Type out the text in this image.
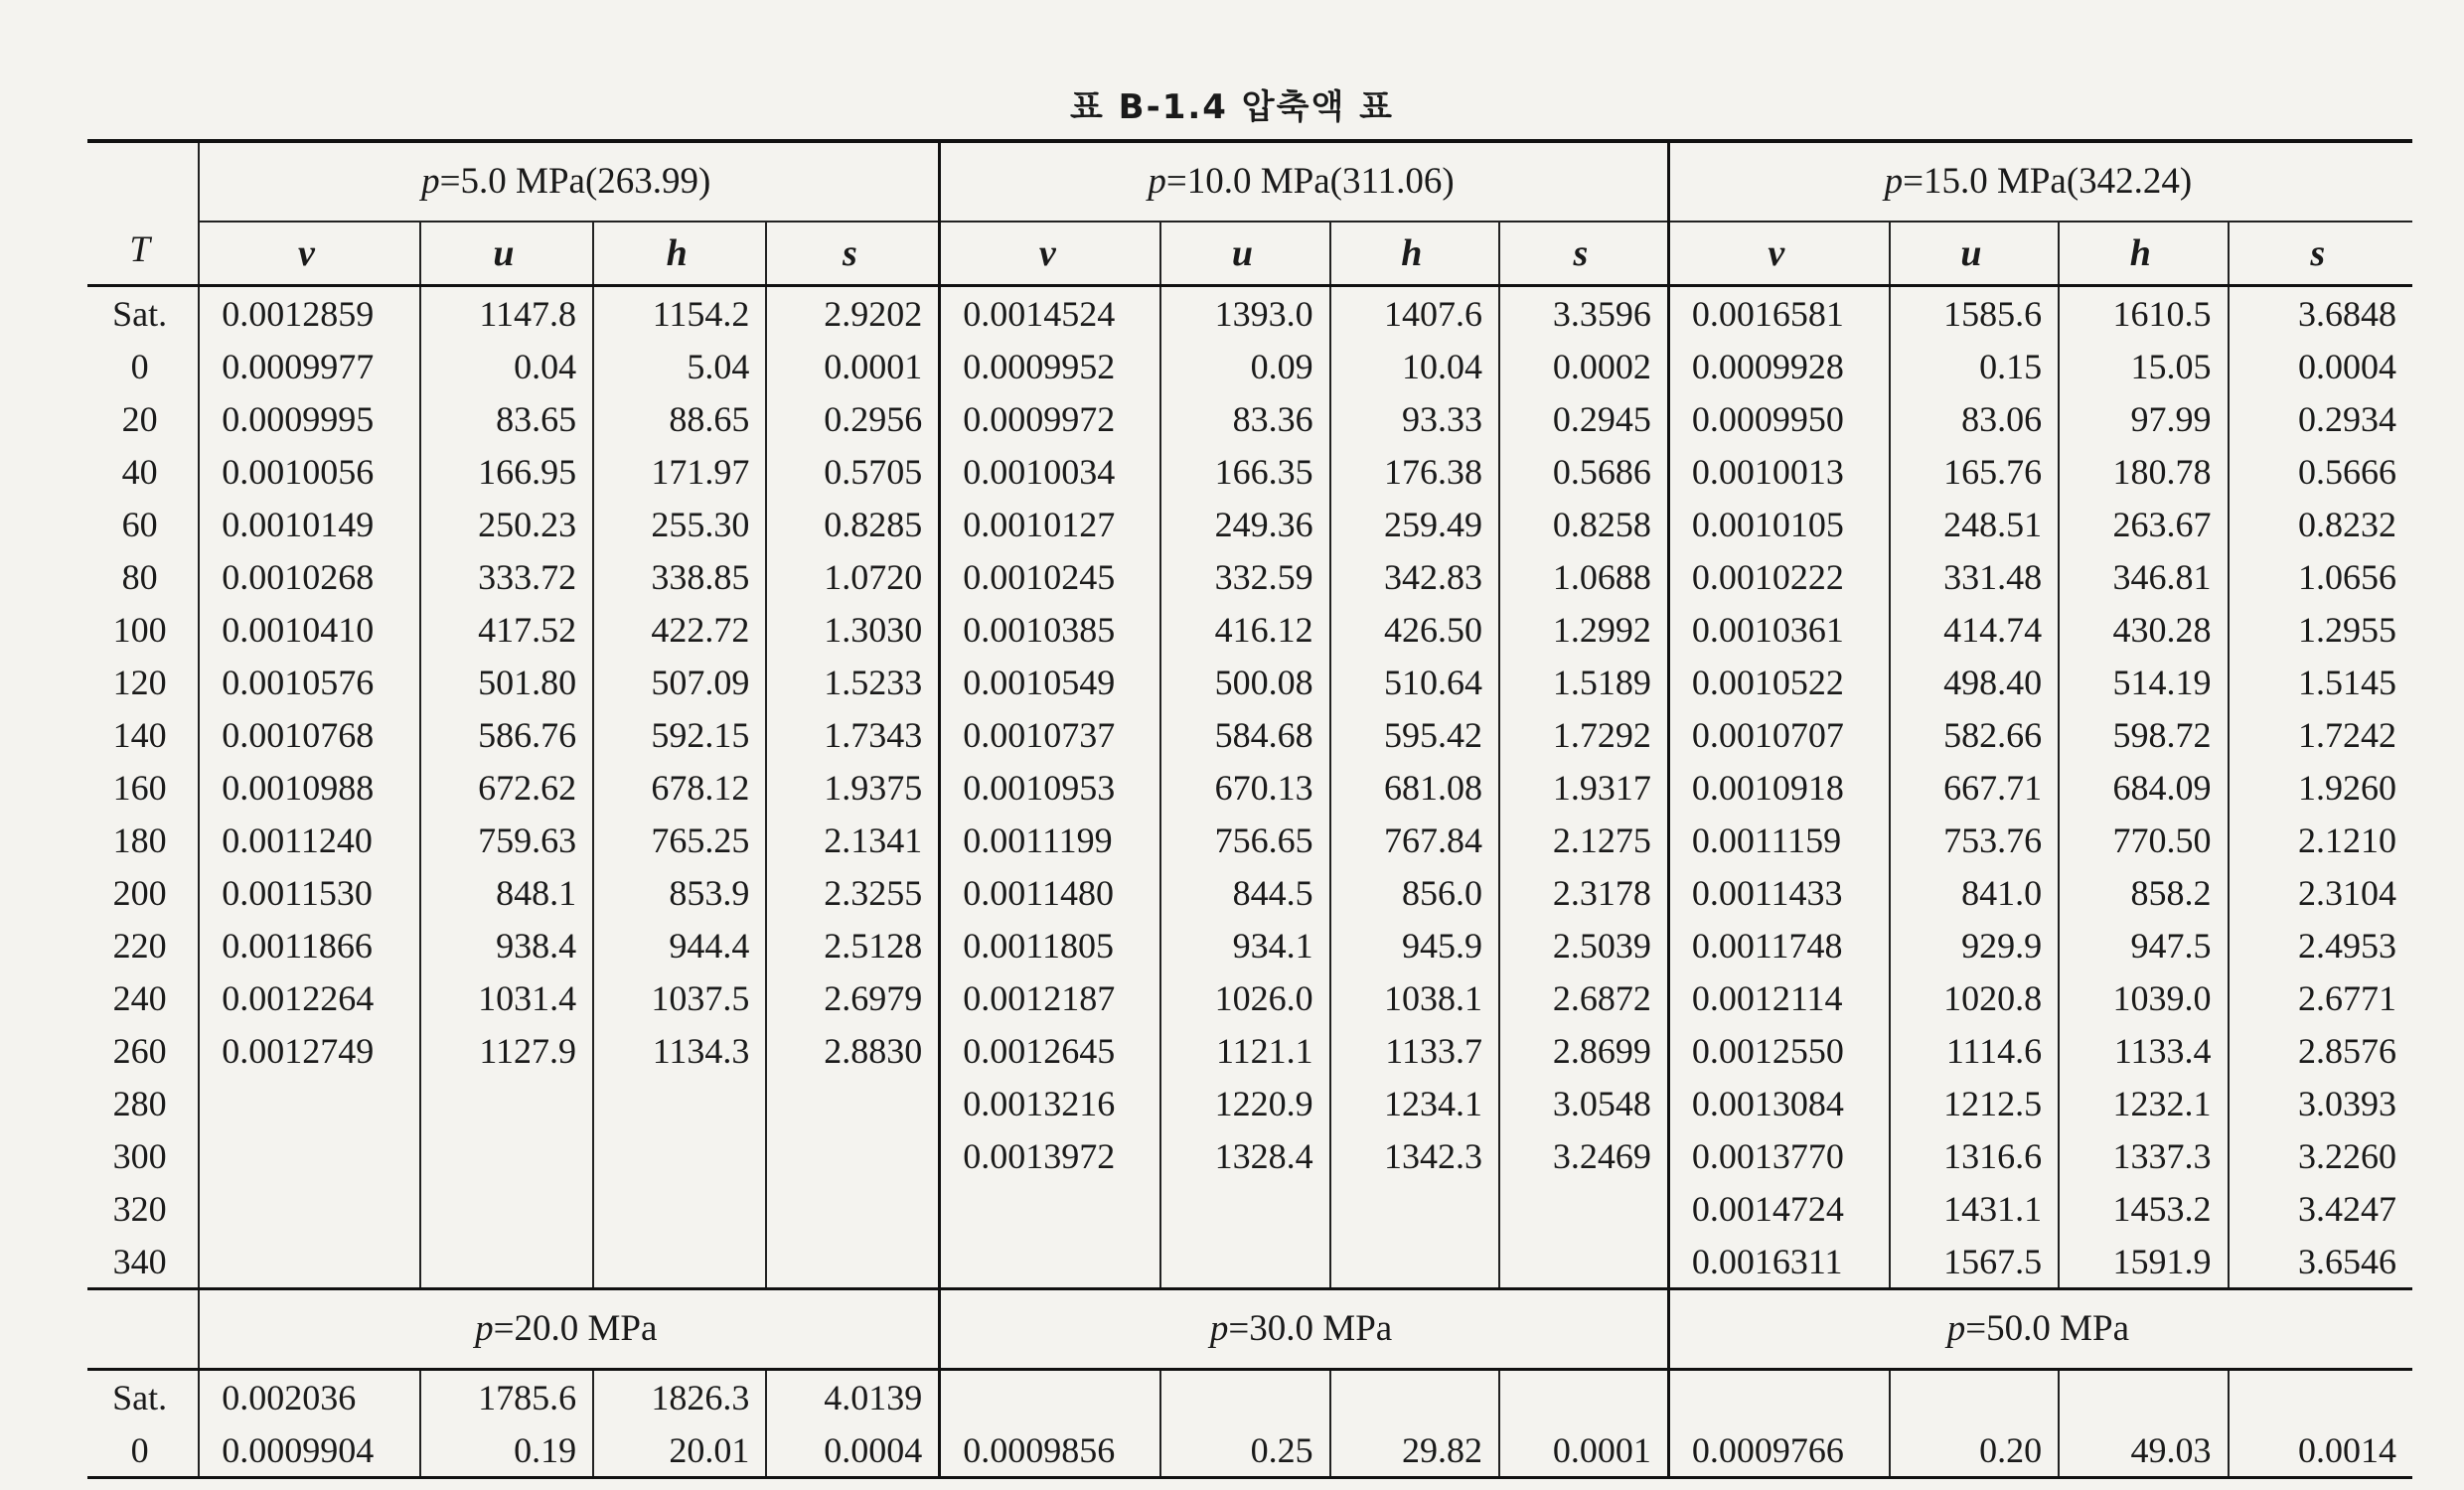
표 B-1.4 압축액 표

T	p=5.0 MPa(263.99)				p=10.0 MPa(311.06)				p=15.0 MPa(342.24)			
	v	u	h	s	v	u	h	s	v	u	h	s
Sat.	0.0012859	1147.8	1154.2	2.9202	0.0014524	1393.0	1407.6	3.3596	0.0016581	1585.6	1610.5	3.6848
0	0.0009977	0.04	5.04	0.0001	0.0009952	0.09	10.04	0.0002	0.0009928	0.15	15.05	0.0004
20	0.0009995	83.65	88.65	0.2956	0.0009972	83.36	93.33	0.2945	0.0009950	83.06	97.99	0.2934
40	0.0010056	166.95	171.97	0.5705	0.0010034	166.35	176.38	0.5686	0.0010013	165.76	180.78	0.5666
60	0.0010149	250.23	255.30	0.8285	0.0010127	249.36	259.49	0.8258	0.0010105	248.51	263.67	0.8232
80	0.0010268	333.72	338.85	1.0720	0.0010245	332.59	342.83	1.0688	0.0010222	331.48	346.81	1.0656
100	0.0010410	417.52	422.72	1.3030	0.0010385	416.12	426.50	1.2992	0.0010361	414.74	430.28	1.2955
120	0.0010576	501.80	507.09	1.5233	0.0010549	500.08	510.64	1.5189	0.0010522	498.40	514.19	1.5145
140	0.0010768	586.76	592.15	1.7343	0.0010737	584.68	595.42	1.7292	0.0010707	582.66	598.72	1.7242
160	0.0010988	672.62	678.12	1.9375	0.0010953	670.13	681.08	1.9317	0.0010918	667.71	684.09	1.9260
180	0.0011240	759.63	765.25	2.1341	0.0011199	756.65	767.84	2.1275	0.0011159	753.76	770.50	2.1210
200	0.0011530	848.1	853.9	2.3255	0.0011480	844.5	856.0	2.3178	0.0011433	841.0	858.2	2.3104
220	0.0011866	938.4	944.4	2.5128	0.0011805	934.1	945.9	2.5039	0.0011748	929.9	947.5	2.4953
240	0.0012264	1031.4	1037.5	2.6979	0.0012187	1026.0	1038.1	2.6872	0.0012114	1020.8	1039.0	2.6771
260	0.0012749	1127.9	1134.3	2.8830	0.0012645	1121.1	1133.7	2.8699	0.0012550	1114.6	1133.4	2.8576
280					0.0013216	1220.9	1234.1	3.0548	0.0013084	1212.5	1232.1	3.0393
300					0.0013972	1328.4	1342.3	3.2469	0.0013770	1316.6	1337.3	3.2260
320									0.0014724	1431.1	1453.2	3.4247
340									0.0016311	1567.5	1591.9	3.6546
	p=20.0 MPa				p=30.0 MPa				p=50.0 MPa			
Sat.	0.002036	1785.6	1826.3	4.0139								
0	0.0009904	0.19	20.01	0.0004	0.0009856	0.25	29.82	0.0001	0.0009766	0.20	49.03	0.0014
